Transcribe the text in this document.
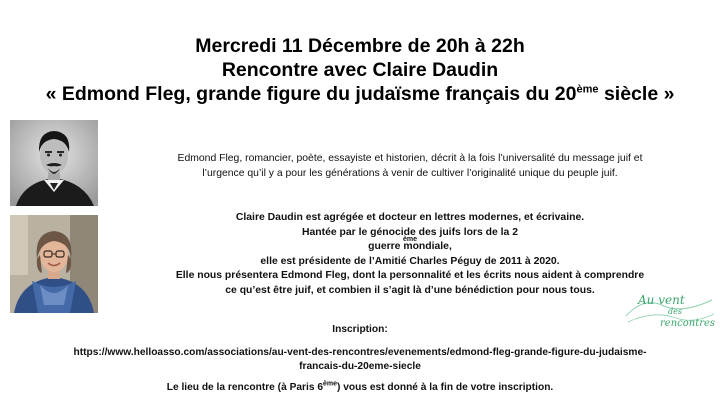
Mercredi 11 Décembre de 20h à 22h
Rencontre avec Claire Daudin
« Edmond Fleg, grande figure du judaïsme français du 20ème siècle »
Edmond Fleg, romancier, poète, essayiste et historien, décrit à la fois l’universalité du message juif et
l’urgence qu’il y a pour les générations à venir de cultiver l’originalité unique du peuple juif.
Claire Daudin est agrégée et docteur en lettres modernes, et écrivaine.
Hantée par le génocide des juifs lors de la 2
ème
guerre mondiale,
elle est présidente de l’Amitié Charles Péguy de 2011 à 2020.
Elle nous présentera Edmond Fleg, dont la personnalité et les écrits nous aident à comprendre
ce qu’est être juif, et combien il s’agit là d’une bénédiction pour nous tous.
Au vent
des
rencontres
Inscription:
https://www.helloasso.com/associations/au-vent-des-rencontres/evenements/edmond-fleg-grande-figure-du-judaisme-
francais-du-20eme-siecle
Le lieu de la rencontre (à Paris 6ème) vous est donné à la fin de votre inscription.
